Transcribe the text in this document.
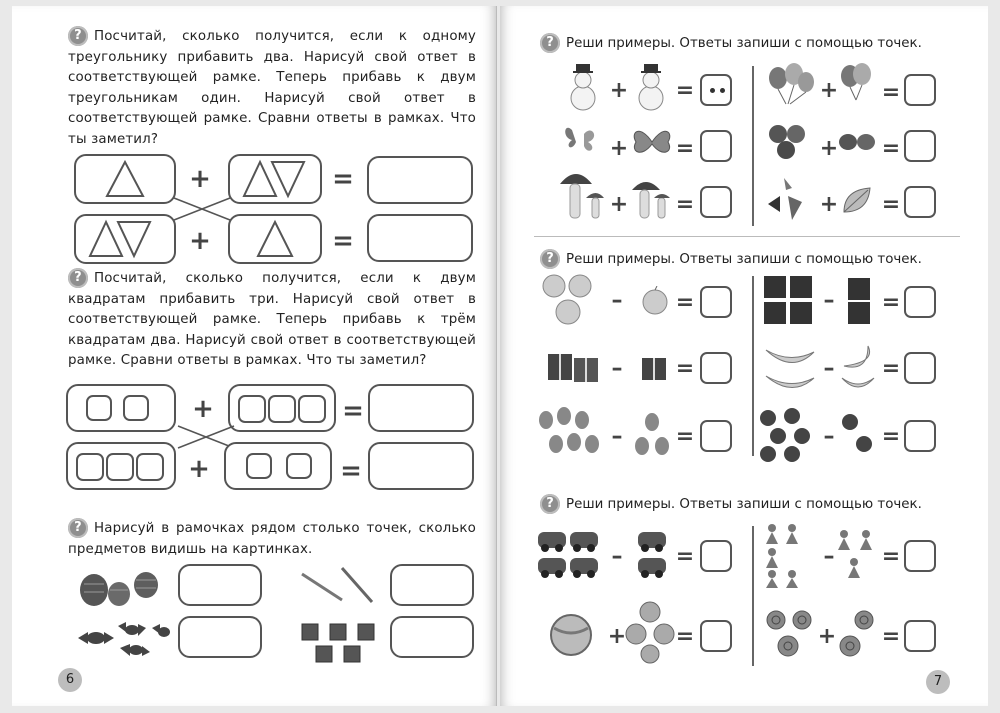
? Посчитай, сколько получится, если к одному треугольнику прибавить два. Нарисуй свой ответ в соответствующей рамке. Теперь прибавь к двум треугольникам один. Нарисуй свой ответ в соответствующей рамке. Сравни ответы в рамках. Что ты заметил?
+	=
+	=
? Посчитай, сколько получится, если к двум квадратам прибавить три. Нарисуй свой ответ в соответствующей рамке. Теперь прибавь к трём квадратам два. Нарисуй свой ответ в соответствующей рамке. Сравни ответы в рамках. Что ты заметил?
+	=
+	=
? Нарисуй в рамочках рядом столько точек, сколько предметов видишь на картинках.
6
? Реши примеры. Ответы запиши с помощью точек.
+ =	+ =
+ =	+ =
+ =	+ =
? Реши примеры. Ответы запиши с помощью точек.
– =	– =
– =	– =
– =	– =
? Реши примеры. Ответы запиши с помощью точек.
– =	– =
+ =	+ =
7
